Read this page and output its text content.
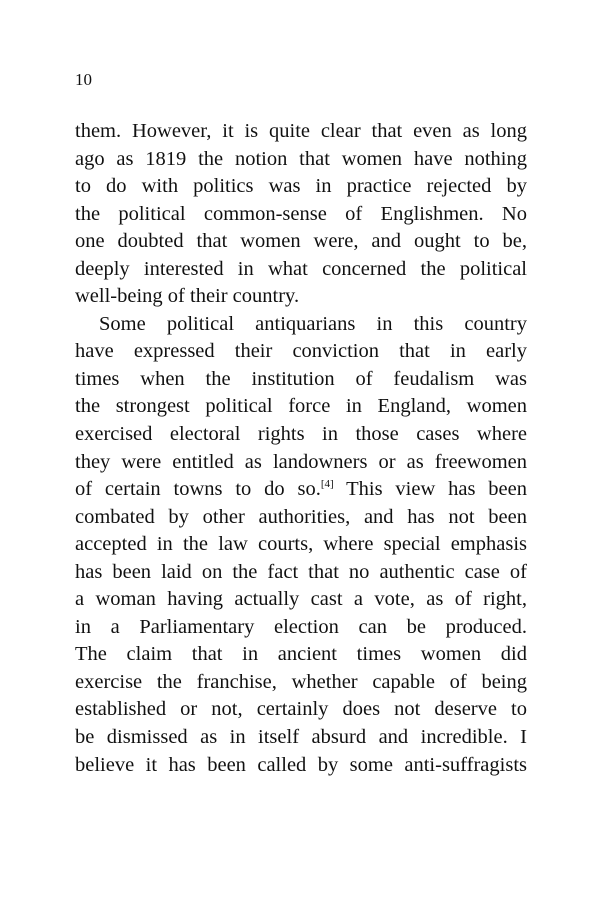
10
them. However, it is quite clear that even as long
ago as 1819 the notion that women have nothing
to do with politics was in practice rejected by
the political common-sense of Englishmen. No
one doubted that women were, and ought to be,
deeply interested in what concerned the political
well-being of their country.
Some political antiquarians in this country
have expressed their conviction that in early
times when the institution of feudalism was
the strongest political force in England, women
exercised electoral rights in those cases where
they were entitled as landowners or as freewomen
of certain towns to do so.[4] This view has been
combated by other authorities, and has not been
accepted in the law courts, where special emphasis
has been laid on the fact that no authentic case of
a woman having actually cast a vote, as of right,
in a Parliamentary election can be produced.
The claim that in ancient times women did
exercise the franchise, whether capable of being
established or not, certainly does not deserve to
be dismissed as in itself absurd and incredible. I
believe it has been called by some anti-suffragists
